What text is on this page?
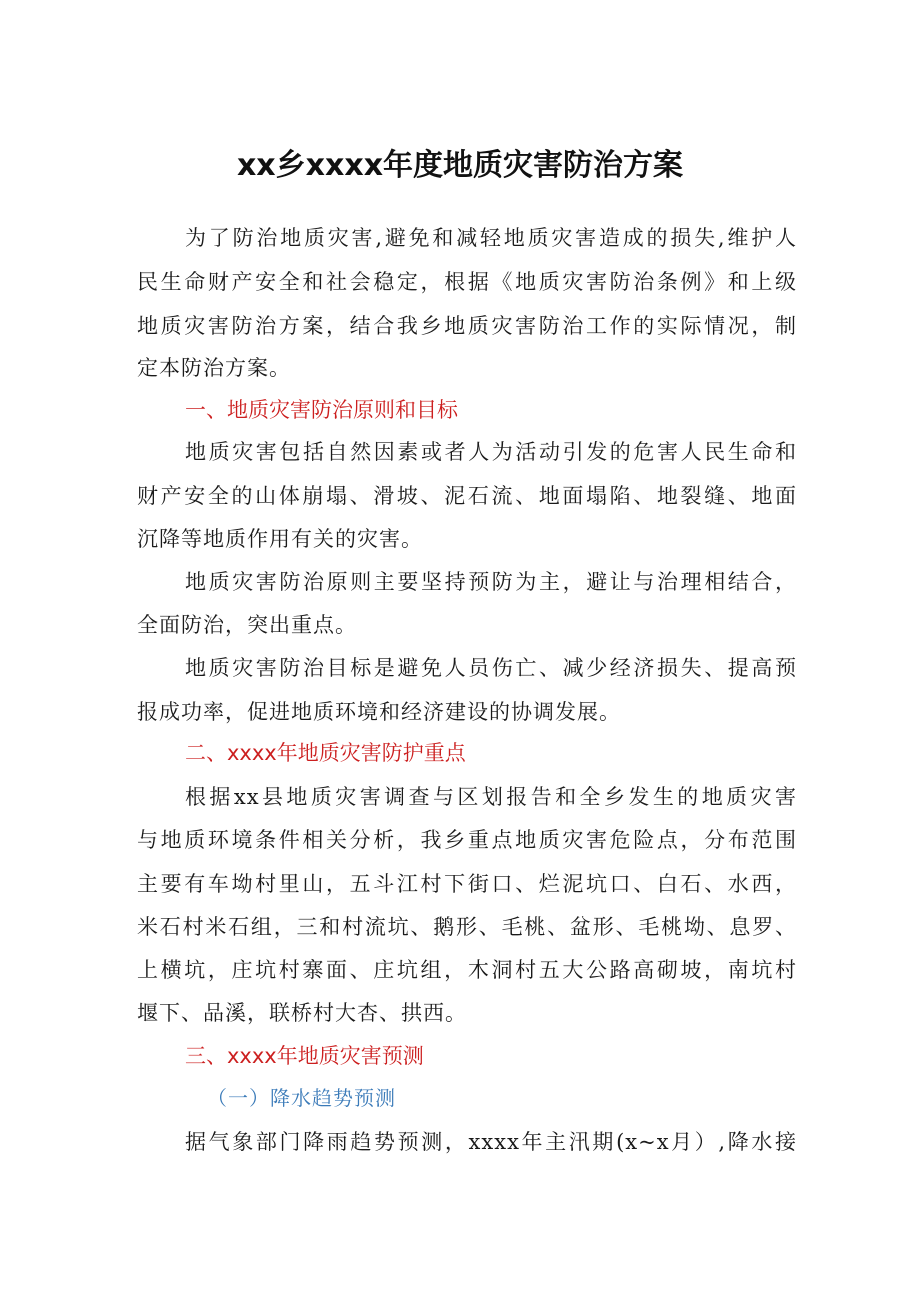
xx乡xxxx年度地质灾害防治方案
为了防治地质灾害,避免和减轻地质灾害造成的损失,维护人
民生命财产安全和社会稳定，根据《地质灾害防治条例》和上级
地质灾害防治方案，结合我乡地质灾害防治工作的实际情况，制
定本防治方案。
一、地质灾害防治原则和目标
地质灾害包括自然因素或者人为活动引发的危害人民生命和
财产安全的山体崩塌、滑坡、泥石流、地面塌陷、地裂缝、地面
沉降等地质作用有关的灾害。
地质灾害防治原则主要坚持预防为主，避让与治理相结合，
全面防治，突出重点。
地质灾害防治目标是避免人员伤亡、减少经济损失、提高预
报成功率，促进地质环境和经济建设的协调发展。
二、xxxx年地质灾害防护重点
根据xx县地质灾害调查与区划报告和全乡发生的地质灾害
与地质环境条件相关分析，我乡重点地质灾害危险点，分布范围
主要有车坳村里山，五斗江村下街口、烂泥坑口、白石、水西，
米石村米石组，三和村流坑、鹅形、毛桃、盆形、毛桃坳、息罗、
上横坑，庄坑村寨面、庄坑组，木洞村五大公路高砌坡，南坑村
堰下、品溪，联桥村大杏、拱西。
三、xxxx年地质灾害预测
（一）降水趋势预测
据气象部门降雨趋势预测，xxxx年主汛期(x~x月）,降水接
